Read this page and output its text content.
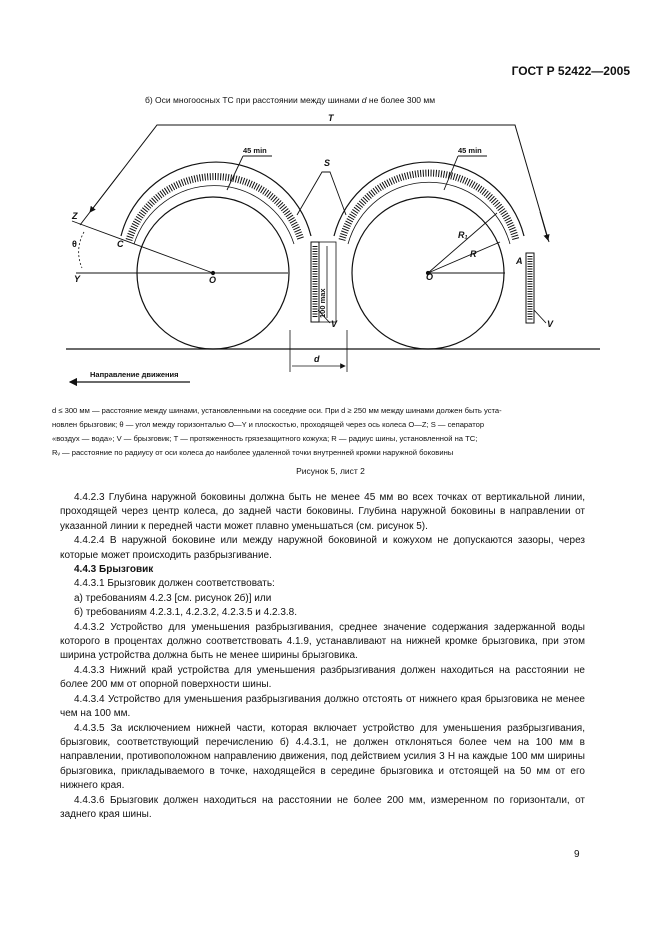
ГОСТ Р 52422—2005
б) Оси многоосных ТС при расстоянии между шинами d не более 300 мм
T
S
45 min	45 min
Z
θ
Y
C
O	O
R₁
R
A
V	V
100 max
d
Направление движения
d ≤ 300 мм — расстояние между шинами, установленными на соседние оси. При d ≥ 250 мм между шинами должен быть уста-
новлен брызговик; θ — угол между горизонталью O—Y и плоскостью, проходящей через ось колеса O—Z; S — сепаратор
«воздух — вода»; V — брызговик; T — протяженность грязезащитного кожуха; R — радиус шины, установленной на ТС;
Rᵥ — расстояние по радиусу от оси колеса до наиболее удаленной точки внутренней кромки наружной боковины
Рисунок 5, лист 2

4.4.2.3 Глубина наружной боковины должна быть не менее 45 мм во всех точках от вертикальной линии, проходящей через центр колеса, до задней части боковины. Глубина наружной боковины в направлении от указанной линии к передней части может плавно уменьшаться (см. рисунок 5).

4.4.2.4 В наружной боковине или между наружной боковиной и кожухом не допускаются зазоры, через которые может происходить разбрызгивание.

4.4.3 Брызговик

4.4.3.1 Брызговик должен соответствовать:

а) требованиям 4.2.3 [см. рисунок 2б)] или

б) требованиям 4.2.3.1, 4.2.3.2, 4.2.3.5 и 4.2.3.8.

4.4.3.2 Устройство для уменьшения разбрызгивания, среднее значение содержания задержанной воды которого в процентах должно соответствовать 4.1.9, устанавливают на нижней кромке брызговика, при этом ширина устройства должна быть не менее ширины брызговика.

4.4.3.3 Нижний край устройства для уменьшения разбрызгивания должен находиться на расстоянии не более 200 мм от опорной поверхности шины.

4.4.3.4 Устройство для уменьшения разбрызгивания должно отстоять от нижнего края брызговика не менее чем на 100 мм.

4.4.3.5 За исключением нижней части, которая включает устройство для уменьшения разбрызгивания, брызговик, соответствующий перечислению б) 4.4.3.1, не должен отклоняться более чем на 100 мм в направлении, противоположном направлению движения, под действием усилия 3 Н на каждые 100 мм ширины брызговика, прикладываемого в точке, находящейся в середине брызговика и отстоящей на 50 мм от его нижнего края.

4.4.3.6 Брызговик должен находиться на расстоянии не более 200 мм, измеренном по горизонтали, от заднего края шины.

9
